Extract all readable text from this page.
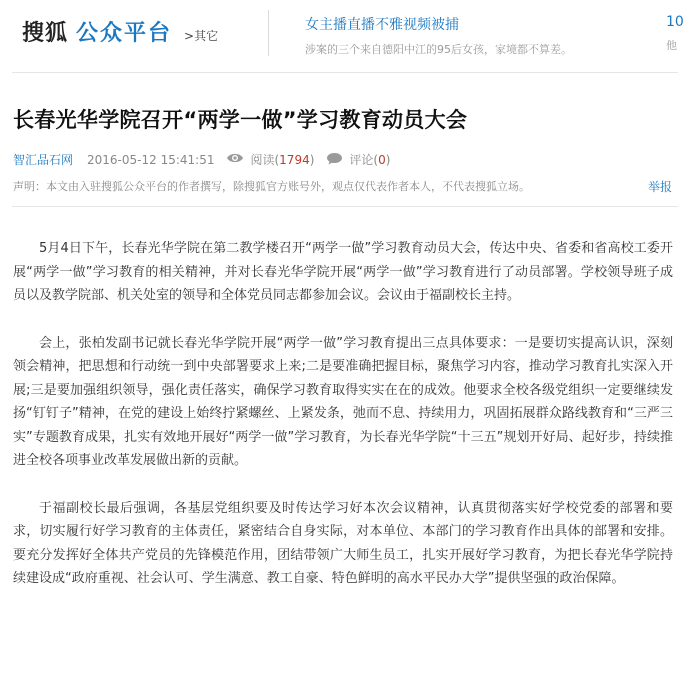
搜狐 公众平台 >其它
女主播直播不雅视频被捕
涉案的三个来自德阳中江的95后女孩，家境都不算差。
10
他
长春光华学院召开“两学一做”学习教育动员大会
智汇品石网 2016-05-12 15:41:51	阅读 ( 1794 )	评论 ( 0 )
声明：本文由入驻搜狐公众平台的作者撰写，除搜狐官方账号外，观点仅代表作者本人，不代表搜狐立场。	举报

5月4日下午，长春光华学院在第二教学楼召开“两学一做”学习教育动员大会，传达中央、省委和省高校工委开展“两学一做”学习教育的相关精神，并对长春光华学院开展“两学一做”学习教育进行了动员部署。学校领导班子成员以及教学院部、机关处室的领导和全体党员同志都参加会议。会议由于福副校长主持。

会上，张柏发副书记就长春光华学院开展“两学一做”学习教育提出三点具体要求：一是要切实提高认识，深刻领会精神，把思想和行动统一到中央部署要求上来;二是要准确把握目标，聚焦学习内容，推动学习教育扎实深入开展;三是要加强组织领导，强化责任落实，确保学习教育取得实实在在的成效。他要求全校各级党组织一定要继续发扬“钉钉子”精神，在党的建设上始终拧紧螺丝、上紧发条，弛而不息、持续用力，巩固拓展群众路线教育和“三严三实”专题教育成果，扎实有效地开展好“两学一做”学习教育，为长春光华学院“十三五”规划开好局、起好步，持续推进全校各项事业改革发展做出新的贡献。

于福副校长最后强调，各基层党组织要及时传达学习好本次会议精神，认真贯彻落实好学校党委的部署和要求，切实履行好学习教育的主体责任，紧密结合自身实际，对本单位、本部门的学习教育作出具体的部署和安排。要充分发挥好全体共产党员的先锋模范作用，团结带领广大师生员工，扎实开展好学习教育，为把长春光华学院持续建设成“政府重视、社会认可、学生满意、教工自豪、特色鲜明的高水平民办大学”提供坚强的政治保障。
